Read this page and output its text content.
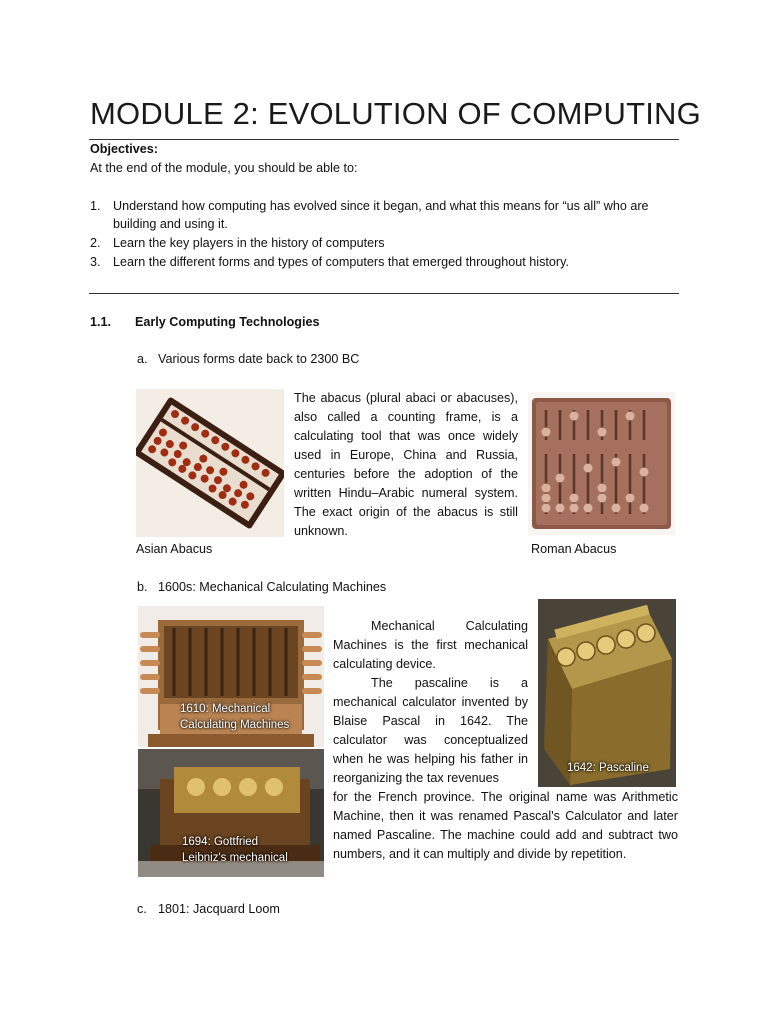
MODULE 2: EVOLUTION OF COMPUTING
Objectives:
At the end of the module, you should be able to:
1. Understand how computing has evolved since it began, and what this means for “us all” who are building and using it.
2. Learn the key players in the history of computers
3. Learn the different forms and types of computers that emerged throughout history.
1.1. Early Computing Technologies
a. Various forms date back to 2300 BC
The abacus (plural abaci or abacuses), also called a counting frame, is a calculating tool that was once widely used in Europe, China and Russia, centuries before the adoption of the written Hindu–Arabic numeral system. The exact origin of the abacus is still unknown.
Asian Abacus	Roman Abacus
b. 1600s: Mechanical Calculating Machines
1610: Mechanical
Calculating Machines
1694: Gottfried
Leibniz's mechanical
1642: Pascaline
Mechanical Calculating Machines is the first mechanical calculating device.
The pascaline is a mechanical calculator invented by Blaise Pascal in 1642. The calculator was conceptualized when he was helping his father in reorganizing the tax revenues
for the French province. The original name was Arithmetic Machine, then it was renamed Pascal's Calculator and later named Pascaline. The machine could add and subtract two numbers, and it can multiply and divide by repetition.
c. 1801: Jacquard Loom
